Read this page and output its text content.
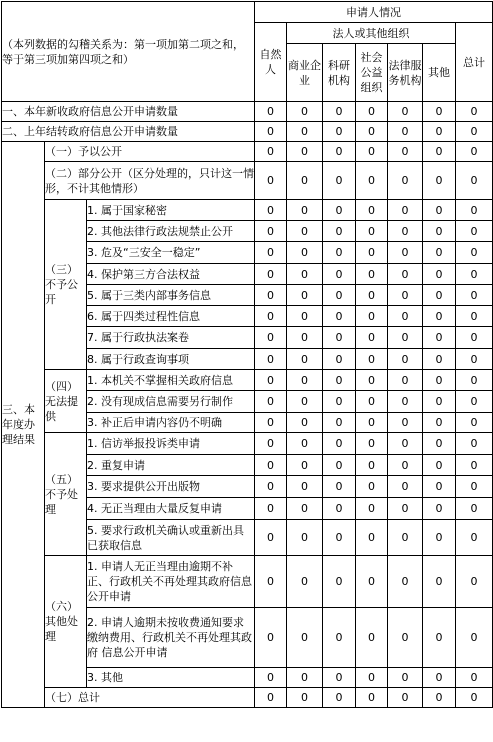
（本列数据的勾稽关系为：第一项加第二项之和，等于第三项加第四项之和）			申请人情况						
			自然人	法人或其他组织					总计
				商业企业	科研机构	社会公益组织	法律服务机构	其他	
一、本年新收政府信息公开申请数量			0	0	0	0	0	0	0
二、上年结转政府信息公开申请数量			0	0	0	0	0	0	0
三、本年度办理结果	（一）予以公开		0	0	0	0	0	0	0
	（二）部分公开（区分处理的，只计这一情形，不计其他情形）		0	0	0	0	0	0	0
	（三）不予公开	1. 属于国家秘密	0	0	0	0	0	0	0
		2. 其他法律行政法规禁止公开	0	0	0	0	0	0	0
		3. 危及“三安全一稳定”	0	0	0	0	0	0	0
		4. 保护第三方合法权益	0	0	0	0	0	0	0
		5. 属于三类内部事务信息	0	0	0	0	0	0	0
		6. 属于四类过程性信息	0	0	0	0	0	0	0
		7. 属于行政执法案卷	0	0	0	0	0	0	0
		8. 属于行政查询事项	0	0	0	0	0	0	0
	（四）无法提供	1. 本机关不掌握相关政府信息	0	0	0	0	0	0	0
		2. 没有现成信息需要另行制作	0	0	0	0	0	0	0
		3. 补正后申请内容仍不明确	0	0	0	0	0	0	0
	（五）不予处理	1. 信访举报投诉类申请	0	0	0	0	0	0	0
		2. 重复申请	0	0	0	0	0	0	0
		3. 要求提供公开出版物	0	0	0	0	0	0	0
		4. 无正当理由大量反复申请	0	0	0	0	0	0	0
		5. 要求行政机关确认或重新出具已获取信息	0	0	0	0	0	0	0
	（六）其他处理	1. 申请人无正当理由逾期不补正、行政机关不再处理其政府信息公开申请	0	0	0	0	0	0	0
		2. 申请人逾期未按收费通知要求缴纳费用、行政机关不再处理其政府 信息公开申请	0	0	0	0	0	0	0
		3. 其他	0	0	0	0	0	0	0
	（七）总计		0	0	0	0	0	0	0
